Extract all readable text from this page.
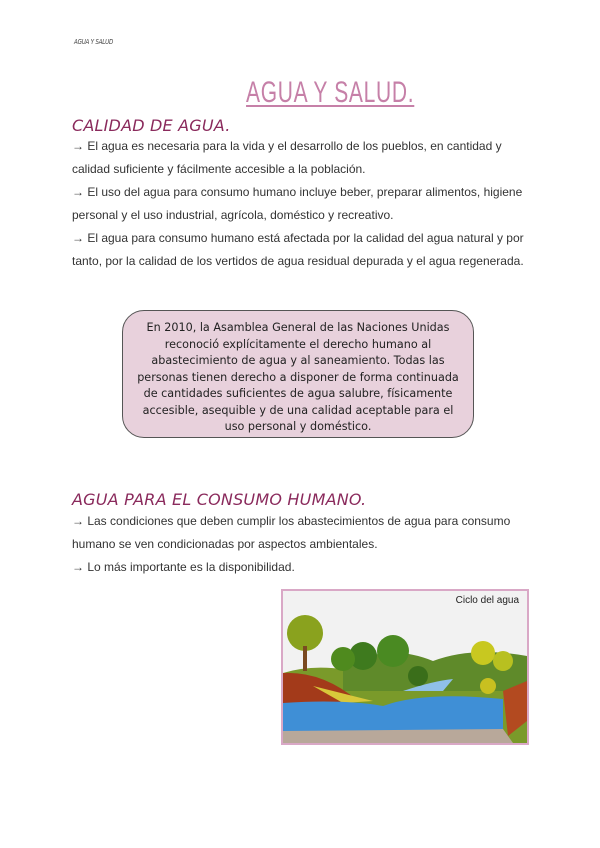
AGUA Y SALUD
AGUA Y SALUD.
CALIDAD DE AGUA.

→ El agua es necesaria para la vida y el desarrollo de los pueblos, en cantidad y calidad suficiente y fácilmente accesible a la población.

→ El uso del agua para consumo humano incluye beber, preparar alimentos, higiene personal y el uso industrial, agrícola, doméstico y recreativo.

→ El agua para consumo humano está afectada por la calidad del agua natural y por tanto, por la calidad de los vertidos de agua residual depurada y el agua regenerada.

En 2010, la Asamblea General de las Naciones Unidas reconoció explícitamente el derecho humano al abastecimiento de agua y al saneamiento. Todas las personas tienen derecho a disponer de forma continuada de cantidades suficientes de agua salubre, físicamente accesible, asequible y de una calidad aceptable para el uso personal y doméstico.
AGUA PARA EL CONSUMO HUMANO.

→ Las condiciones que deben cumplir los abastecimientos de agua para consumo humano se ven condicionadas por aspectos ambientales.

→ Lo más importante es la disponibilidad.

Ciclo del agua
